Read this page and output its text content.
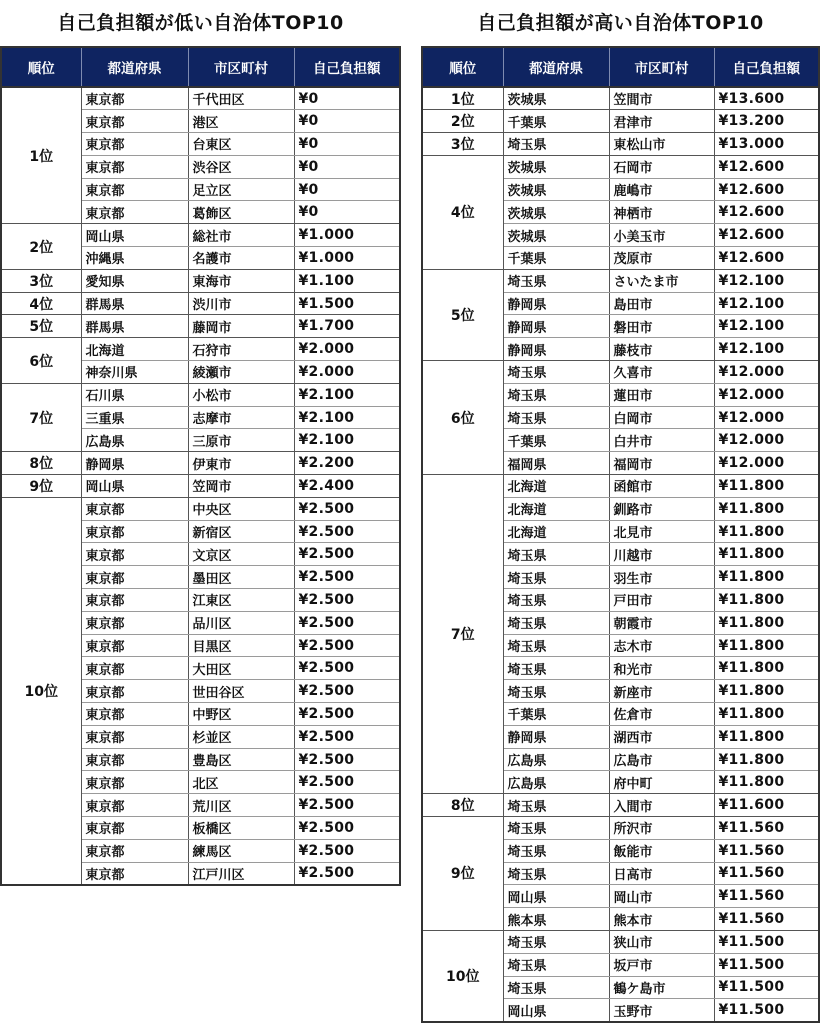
自己負担額が低い自治体TOP10
順位	都道府県	市区町村	自己負担額
1位	東京都	千代田区	¥0
	東京都	港区	¥0
	東京都	台東区	¥0
	東京都	渋谷区	¥0
	東京都	足立区	¥0
	東京都	葛飾区	¥0
2位	岡山県	総社市	¥1.000
	沖縄県	名護市	¥1.000
3位	愛知県	東海市	¥1.100
4位	群馬県	渋川市	¥1.500
5位	群馬県	藤岡市	¥1.700
6位	北海道	石狩市	¥2.000
	神奈川県	綾瀬市	¥2.000
7位	石川県	小松市	¥2.100
	三重県	志摩市	¥2.100
	広島県	三原市	¥2.100
8位	静岡県	伊東市	¥2.200
9位	岡山県	笠岡市	¥2.400
10位	東京都	中央区	¥2.500
	東京都	新宿区	¥2.500
	東京都	文京区	¥2.500
	東京都	墨田区	¥2.500
	東京都	江東区	¥2.500
	東京都	品川区	¥2.500
	東京都	目黒区	¥2.500
	東京都	大田区	¥2.500
	東京都	世田谷区	¥2.500
	東京都	中野区	¥2.500
	東京都	杉並区	¥2.500
	東京都	豊島区	¥2.500
	東京都	北区	¥2.500
	東京都	荒川区	¥2.500
	東京都	板橋区	¥2.500
	東京都	練馬区	¥2.500
	東京都	江戸川区	¥2.500
自己負担額が高い自治体TOP10
順位	都道府県	市区町村	自己負担額
1位	茨城県	笠間市	¥13.600
2位	千葉県	君津市	¥13.200
3位	埼玉県	東松山市	¥13.000
4位	茨城県	石岡市	¥12.600
	茨城県	鹿嶋市	¥12.600
	茨城県	神栖市	¥12.600
	茨城県	小美玉市	¥12.600
	千葉県	茂原市	¥12.600
5位	埼玉県	さいたま市	¥12.100
	静岡県	島田市	¥12.100
	静岡県	磐田市	¥12.100
	静岡県	藤枝市	¥12.100
6位	埼玉県	久喜市	¥12.000
	埼玉県	蓮田市	¥12.000
	埼玉県	白岡市	¥12.000
	千葉県	白井市	¥12.000
	福岡県	福岡市	¥12.000
7位	北海道	函館市	¥11.800
	北海道	釧路市	¥11.800
	北海道	北見市	¥11.800
	埼玉県	川越市	¥11.800
	埼玉県	羽生市	¥11.800
	埼玉県	戸田市	¥11.800
	埼玉県	朝霞市	¥11.800
	埼玉県	志木市	¥11.800
	埼玉県	和光市	¥11.800
	埼玉県	新座市	¥11.800
	千葉県	佐倉市	¥11.800
	静岡県	湖西市	¥11.800
	広島県	広島市	¥11.800
	広島県	府中町	¥11.800
8位	埼玉県	入間市	¥11.600
9位	埼玉県	所沢市	¥11.560
	埼玉県	飯能市	¥11.560
	埼玉県	日高市	¥11.560
	岡山県	岡山市	¥11.560
	熊本県	熊本市	¥11.560
10位	埼玉県	狭山市	¥11.500
	埼玉県	坂戸市	¥11.500
	埼玉県	鶴ケ島市	¥11.500
	岡山県	玉野市	¥11.500
